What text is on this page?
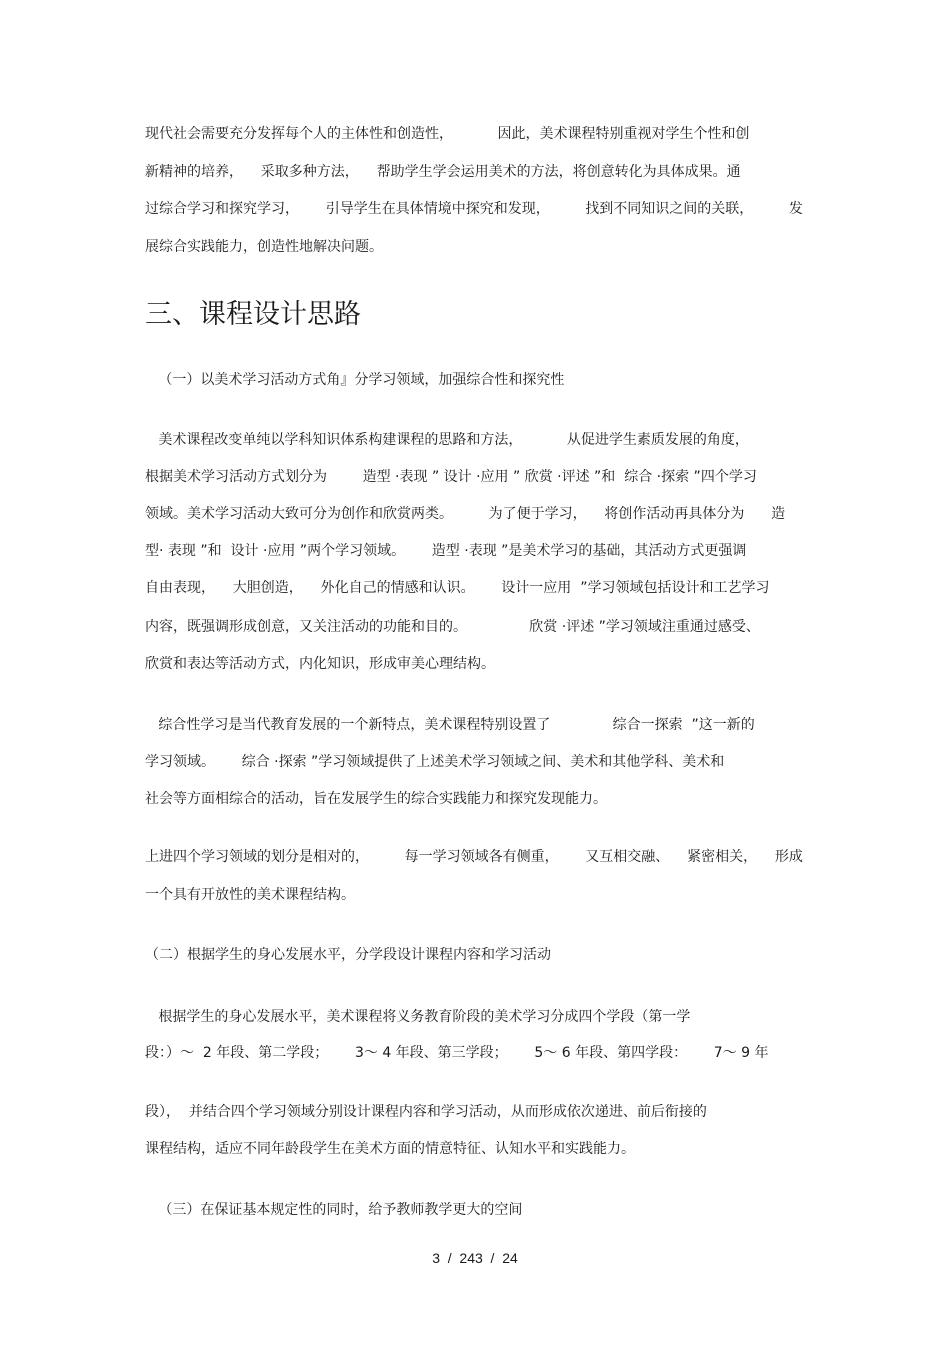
现代社会需要充分发挥每个人的主体性和创造性，          因此，美术课程特别重视对学生个性和创
新精神的培养，    采取多种方法，    帮助学生学会运用美术的方法，将创意转化为具体成果。通
过综合学习和探究学习，      引导学生在具体情境中探究和发现，        找到不同知识之间的关联，        发
展综合实践能力，创造性地解决问题。
三、课程设计思路
（一）以美术学习活动方式角』分学习领域，加强综合性和探究性
美术课程改变单纯以学科知识体系构建课程的思路和方法，          从促进学生素质发展的角度，
根据美术学习活动方式划分为        造型 ·表现 ” 设计 ·应用 ” 欣赏 ·评述 ”和  综合 ·探索 ”四个学习
领域。美术学习活动大致可分为创作和欣赏两类。        为了便于学习，    将创作活动再具体分为      造
型· 表现 ”和  设计 ·应用 ”两个学习领域。      造型 ·表现 ”是美术学习的基础，其活动方式更强调
自由表现，    大胆创造，    外化自己的情感和认识。      设计一应用  ”学习领域包括设计和工艺学习
内容，既强调形成创意，又关注活动的功能和目的。              欣赏 ·评述 ”学习领域注重通过感受、
欣赏和表达等活动方式，内化知识，形成审美心理结构。
综合性学习是当代教育发展的一个新特点，美术课程特别设置了              综合一探索  ”这一新的
学习领域。      综合 ·探索 ”学习领域提供了上述美术学习领域之间、美术和其他学科、美术和
社会等方面相综合的活动，旨在发展学生的综合实践能力和探究发现能力。
上进四个学习领域的划分是相对的，        每一学习领域各有侧重，      又互相交融、    紧密相关，    形成
一个具有开放性的美术课程结构。
（二）根据学生的身心发展水平，分学段设计课程内容和学习活动
根据学生的身心发展水平，美术课程将义务教育阶段的美术学习分成四个学段（第一学
段：）～  2 年段、第二学段；      3～ 4 年段、第三学段；      5～ 6 年段、第四学段：      7～ 9 年
段），  并结合四个学习领域分别设计课程内容和学习活动，从而形成依次递进、前后衔接的
课程结构，适应不同年龄段学生在美术方面的情意特征、认知水平和实践能力。
（三）在保证基本规定性的同时，给予教师教学更大的空间
3  /  243  /  24
